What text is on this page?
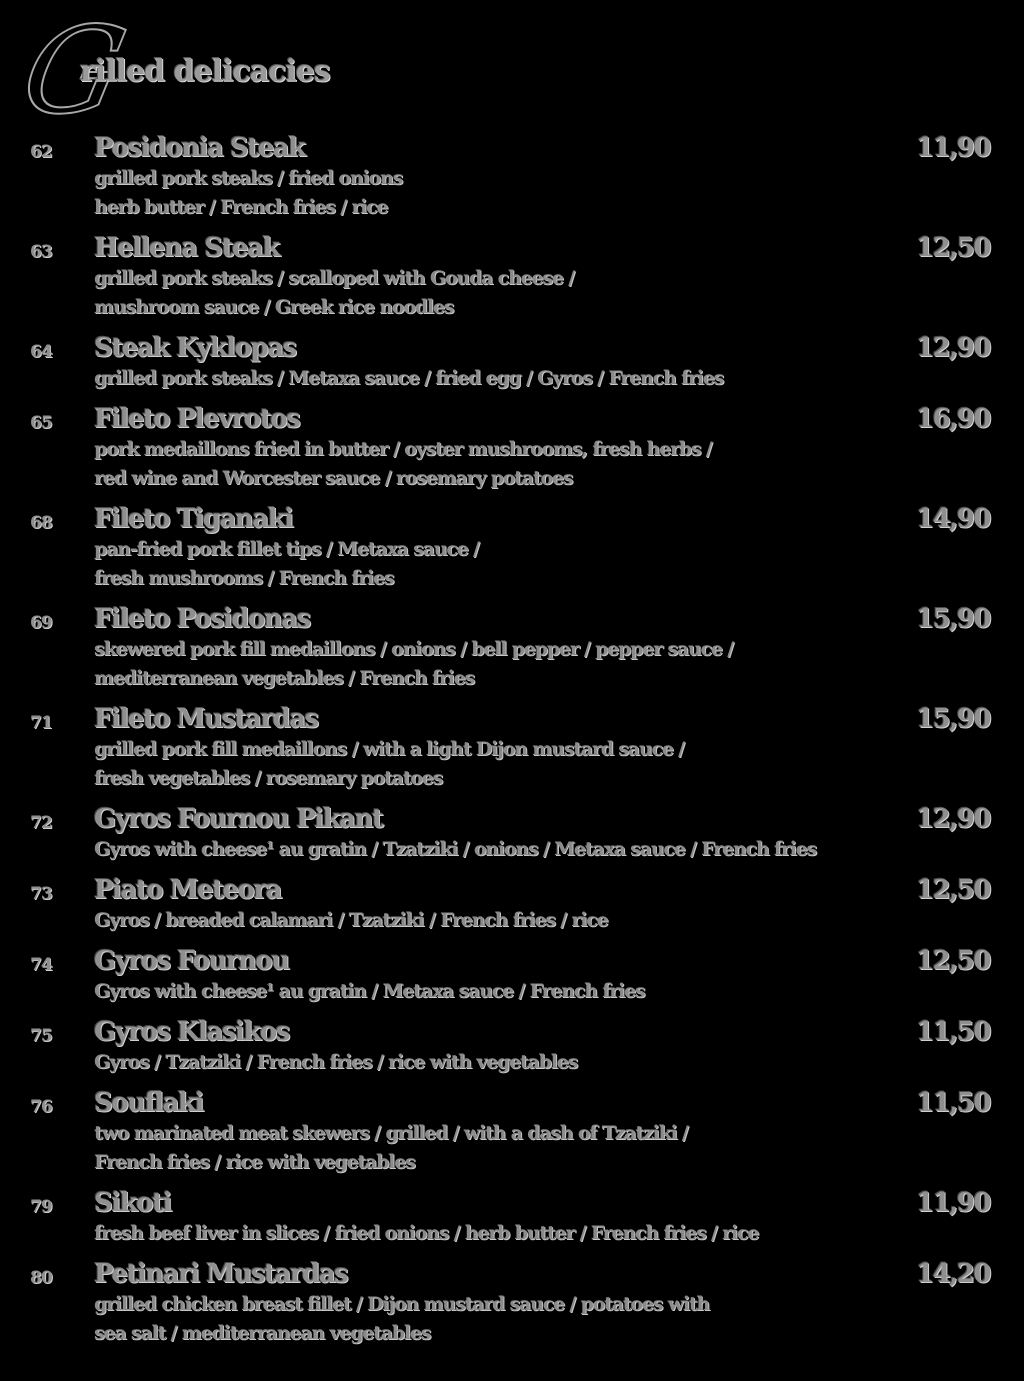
G
rilled delicacies
62 Posidonia Steak	11,90
grilled pork steaks / fried onions
herb butter / French fries / rice
63 Hellena Steak	12,50
grilled pork steaks / scalloped with Gouda cheese /
mushroom sauce / Greek rice noodles
64 Steak Kyklopas	12,90
grilled pork steaks / Metaxa sauce / fried egg / Gyros / French fries
65 Fileto Plevrotos	16,90
pork medaillons fried in butter / oyster mushrooms, fresh herbs /
red wine and Worcester sauce / rosemary potatoes
68 Fileto Tiganaki	14,90
pan-fried pork fillet tips / Metaxa sauce /
fresh mushrooms / French fries
69 Fileto Posidonas	15,90
skewered pork fill medaillons / onions / bell pepper / pepper sauce /
mediterranean vegetables / French fries
71 Fileto Mustardas	15,90
grilled pork fill medaillons / with a light Dijon mustard sauce /
fresh vegetables / rosemary potatoes
72 Gyros Fournou Pikant	12,90
Gyros with cheese¹ au gratin / Tzatziki / onions / Metaxa sauce / French fries
73 Piato Meteora	12,50
Gyros / breaded calamari / Tzatziki / French fries / rice
74 Gyros Fournou	12,50
Gyros with cheese¹ au gratin / Metaxa sauce / French fries
75 Gyros Klasikos	11,50
Gyros / Tzatziki / French fries / rice with vegetables
76 Souflaki	11,50
two marinated meat skewers / grilled / with a dash of Tzatziki /
French fries / rice with vegetables
79 Sikoti	11,90
fresh beef liver in slices / fried onions / herb butter / French fries / rice
80 Petinari Mustardas	14,20
grilled chicken breast fillet / Dijon mustard sauce / potatoes with
sea salt / mediterranean vegetables
